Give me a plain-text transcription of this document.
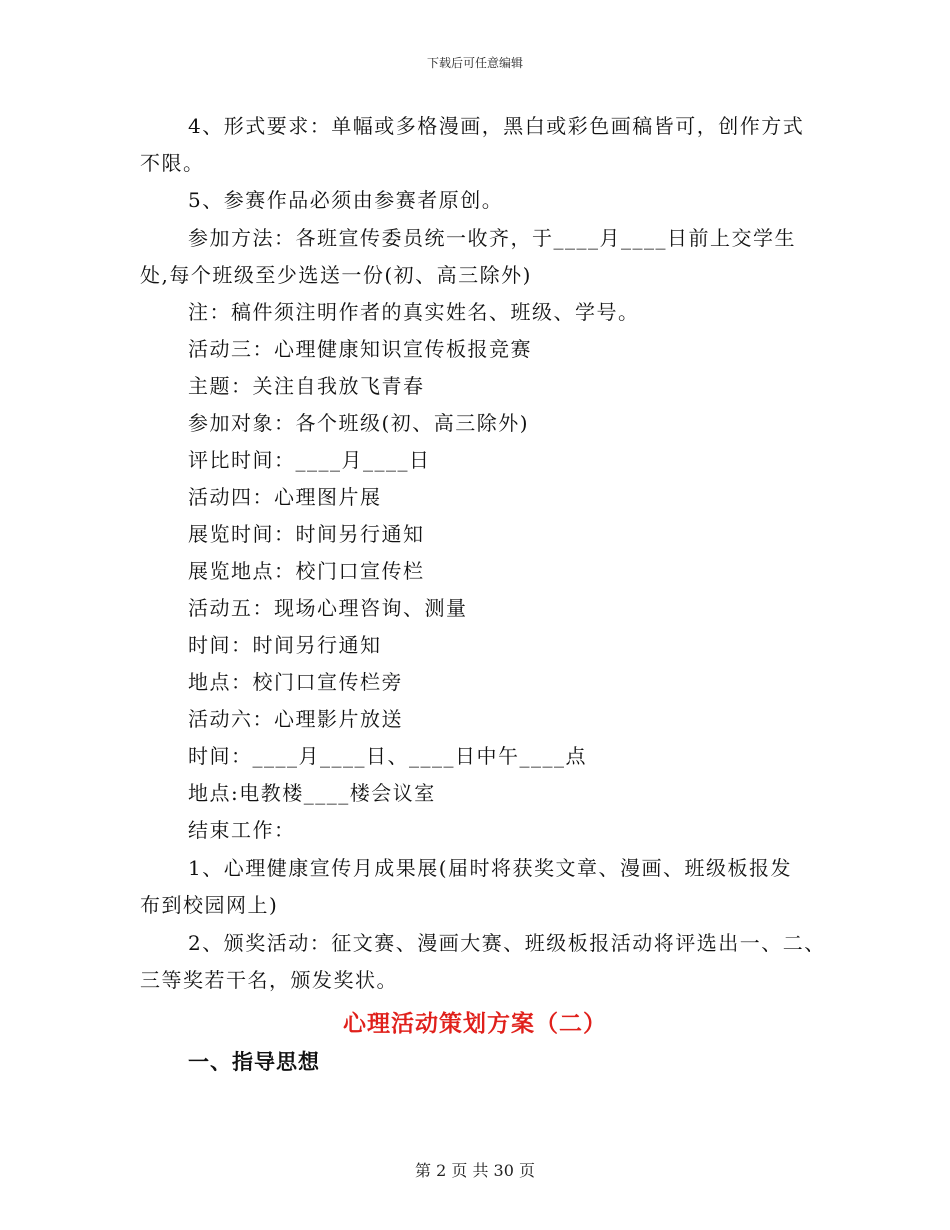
下载后可任意编辑
4、形式要求：单幅或多格漫画，黑白或彩色画稿皆可，创作方式
不限。
5、参赛作品必须由参赛者原创。
参加方法：各班宣传委员统一收齐，于____月____日前上交学生
处,每个班级至少选送一份(初、高三除外)
注：稿件须注明作者的真实姓名、班级、学号。
活动三：心理健康知识宣传板报竞赛
主题：关注自我放飞青春
参加对象：各个班级(初、高三除外)
评比时间：____月____日
活动四：心理图片展
展览时间：时间另行通知
展览地点：校门口宣传栏
活动五：现场心理咨询、测量
时间：时间另行通知
地点：校门口宣传栏旁
活动六：心理影片放送
时间：____月____日、____日中午____点
地点:电教楼____楼会议室
结束工作：
1、心理健康宣传月成果展(届时将获奖文章、漫画、班级板报发
布到校园网上)
2、颁奖活动：征文赛、漫画大赛、班级板报活动将评选出一、二、
三等奖若干名，颁发奖状。
心理活动策划方案（二）
一、指导思想
第 2 页 共 30 页
